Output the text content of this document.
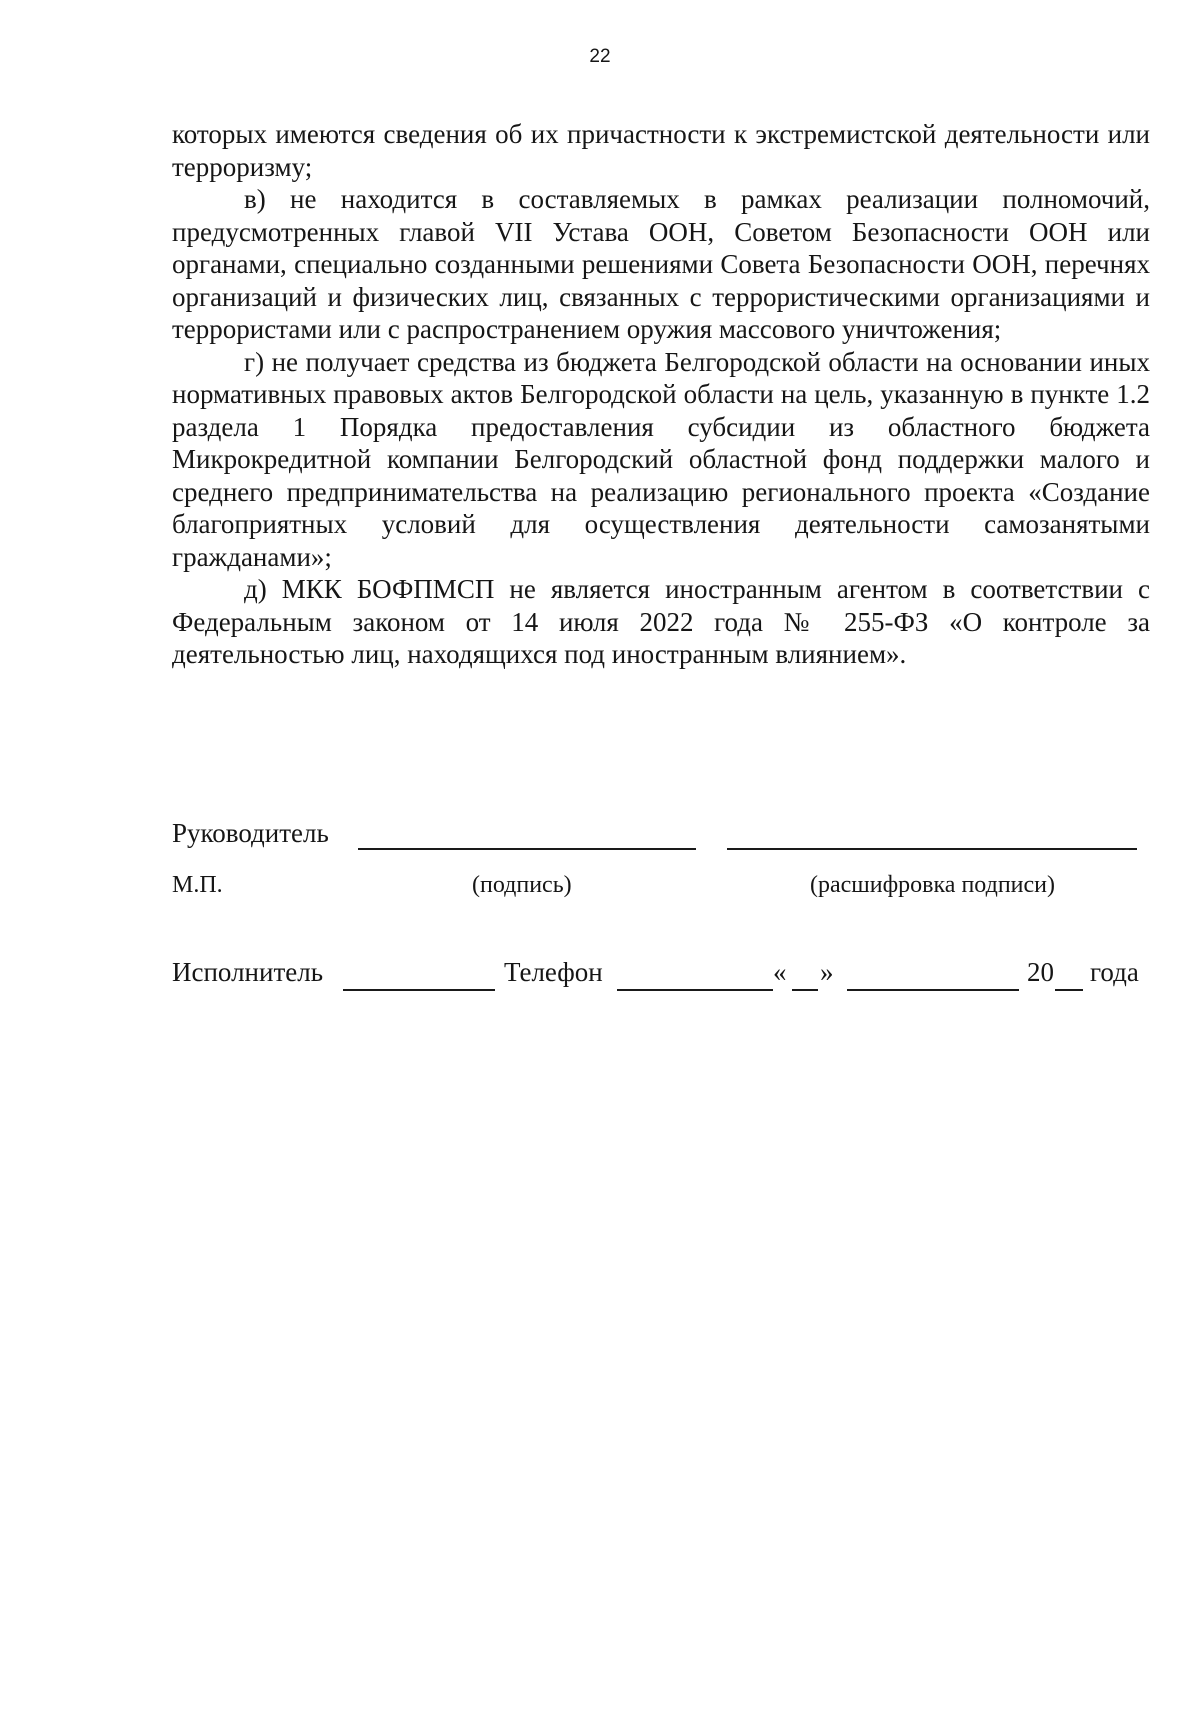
22

которых имеются сведения об их причастности к экстремистской деятельности или терроризму;

в) не находится в составляемых в рамках реализации полномочий, предусмотренных главой VII Устава ООН, Советом Безопасности ООН или органами, специально созданными решениями Совета Безопасности ООН, перечнях организаций и физических лиц, связанных с террористическими организациями и террористами или с распространением оружия массового уничтожения;

г) не получает средства из бюджета Белгородской области на основании иных нормативных правовых актов Белгородской области на цель, указанную в пункте 1.2 раздела 1 Порядка предоставления субсидии из областного бюджета Микрокредитной компании Белгородский областной фонд поддержки малого и среднего предпринимательства на реализацию регионального проекта «Создание благоприятных условий для осуществления деятельности самозанятыми гражданами»;

д) МКК БОФПМСП не является иностранным агентом в соответствии с Федеральным законом от 14 июля 2022 года № 255-ФЗ «О контроле за деятельностью лиц, находящихся под иностранным влиянием».

Руководитель
М.П.	(подпись)	(расшифровка подписи)
Исполнитель	Телефон	« »	20 года
